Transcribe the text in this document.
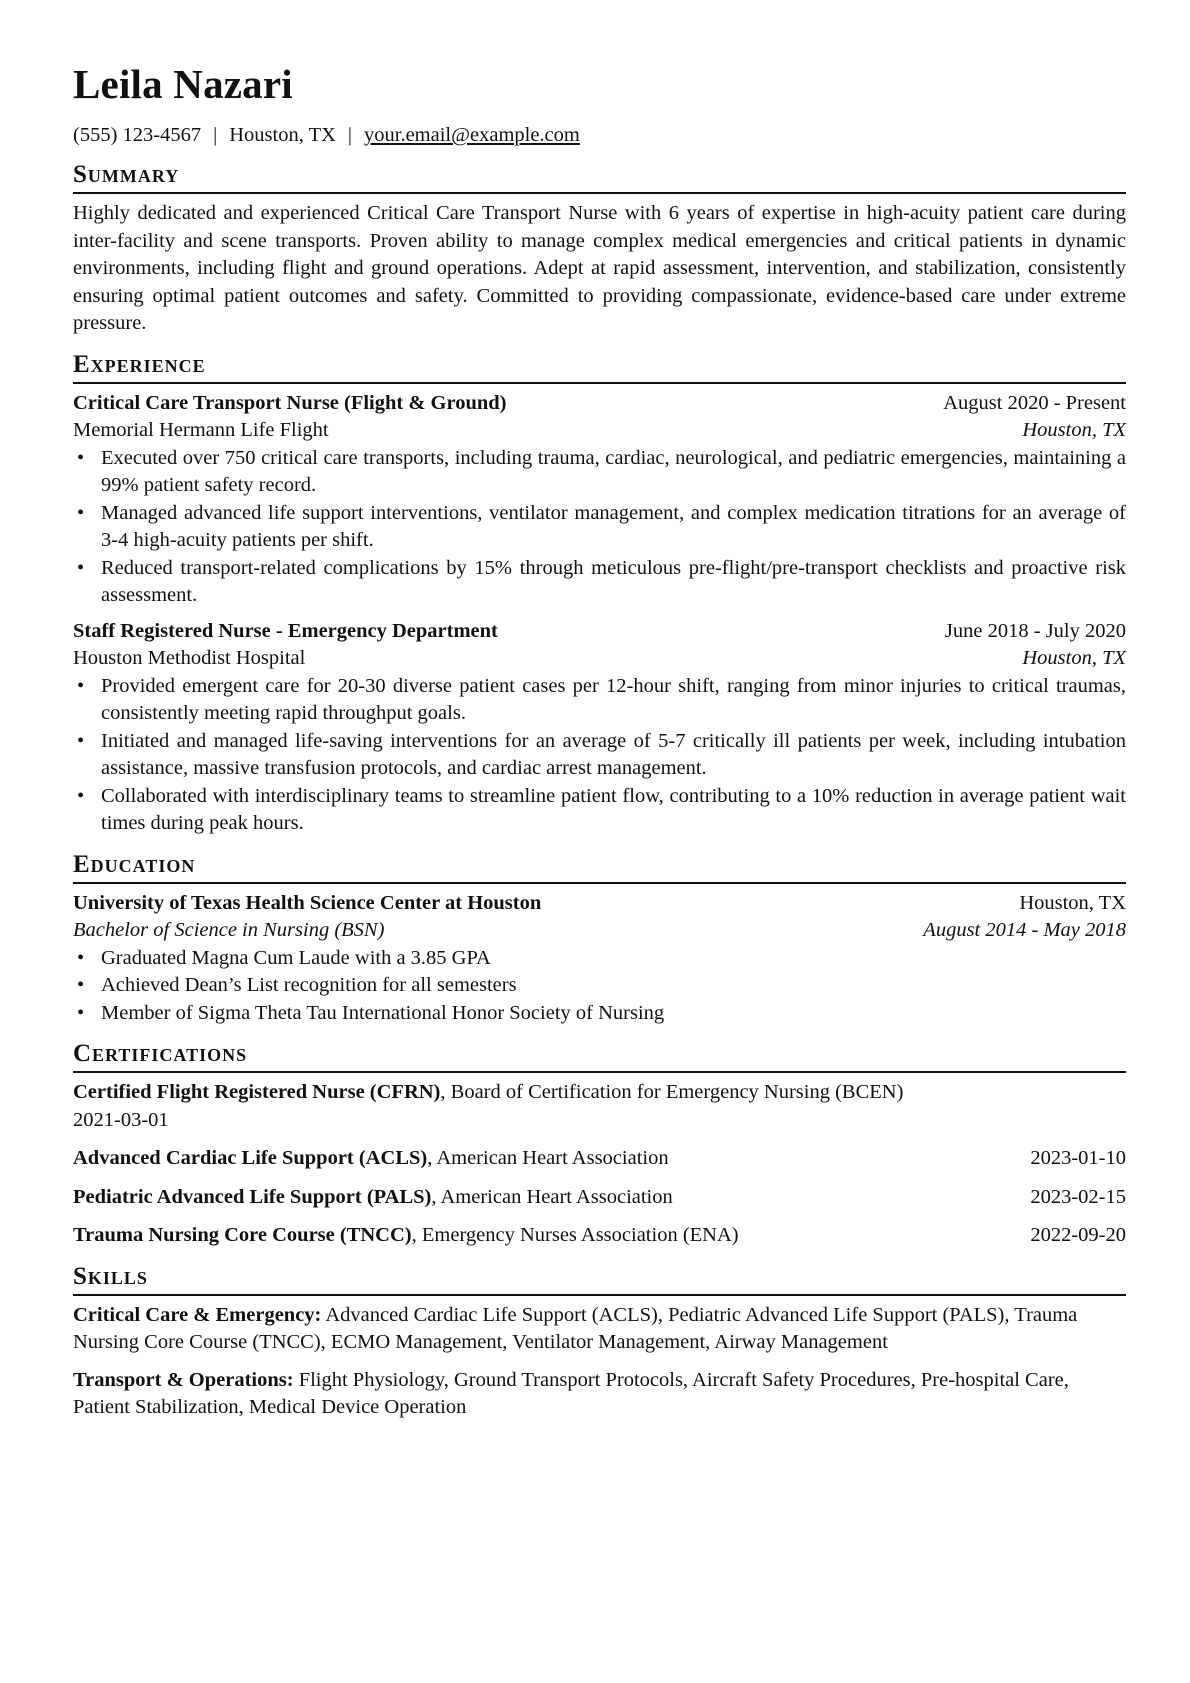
Leila Nazari
(555) 123-4567 | Houston, TX | your.email@example.com
Summary

Highly dedicated and experienced Critical Care Transport Nurse with 6 years of expertise in high-acuity patient care during inter-facility and scene transports. Proven ability to manage complex medical emergencies and critical patients in dynamic environments, including flight and ground operations. Adept at rapid assessment, intervention, and stabilization, consistently ensuring optimal patient outcomes and safety. Committed to providing compassionate, evidence-based care under extreme pressure.

Experience
Critical Care Transport Nurse (Flight & Ground)	August 2020 - Present
Memorial Hermann Life Flight	Houston, TX
• Executed over 750 critical care transports, including trauma, cardiac, neurological, and pediatric emergencies, maintaining a 99% patient safety record.
• Managed advanced life support interventions, ventilator management, and complex medication titrations for an average of 3-4 high-acuity patients per shift.
• Reduced transport-related complications by 15% through meticulous pre-flight/pre-transport checklists and proactive risk assessment.
Staff Registered Nurse - Emergency Department	June 2018 - July 2020
Houston Methodist Hospital	Houston, TX
• Provided emergent care for 20-30 diverse patient cases per 12-hour shift, ranging from minor injuries to critical traumas, consistently meeting rapid throughput goals.
• Initiated and managed life-saving interventions for an average of 5-7 critically ill patients per week, including intubation assistance, massive transfusion protocols, and cardiac arrest management.
• Collaborated with interdisciplinary teams to streamline patient flow, contributing to a 10% reduction in average patient wait times during peak hours.
Education
University of Texas Health Science Center at Houston	Houston, TX
Bachelor of Science in Nursing (BSN)	August 2014 - May 2018
• Graduated Magna Cum Laude with a 3.85 GPA
• Achieved Dean’s List recognition for all semesters
• Member of Sigma Theta Tau International Honor Society of Nursing
Certifications
Certified Flight Registered Nurse (CFRN), Board of Certification for Emergency Nursing (BCEN)
2021-03-01
Advanced Cardiac Life Support (ACLS), American Heart Association	2023-01-10
Pediatric Advanced Life Support (PALS), American Heart Association	2023-02-15
Trauma Nursing Core Course (TNCC), Emergency Nurses Association (ENA)	2022-09-20
Skills
Critical Care & Emergency: Advanced Cardiac Life Support (ACLS), Pediatric Advanced Life Support (PALS), Trauma Nursing Core Course (TNCC), ECMO Management, Ventilator Management, Airway Management
Transport & Operations: Flight Physiology, Ground Transport Protocols, Aircraft Safety Procedures, Pre-hospital Care, Patient Stabilization, Medical Device Operation
